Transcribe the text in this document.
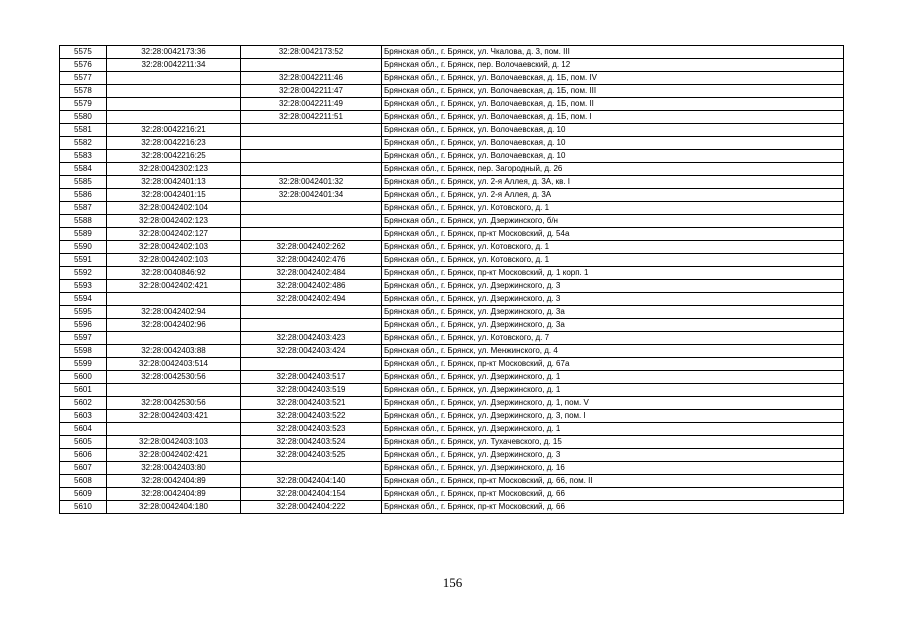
5575	32:28:0042173:36	32:28:0042173:52	Брянская обл., г. Брянск, ул. Чкалова, д. 3, пом. III
5576	32:28:0042211:34		Брянская обл., г. Брянск, пер. Волочаевский, д. 12
5577		32:28:0042211:46	Брянская обл., г. Брянск, ул. Волочаевская, д. 1Б, пом. IV
5578		32:28:0042211:47	Брянская обл., г. Брянск, ул. Волочаевская, д. 1Б, пом. III
5579		32:28:0042211:49	Брянская обл., г. Брянск, ул. Волочаевская, д. 1Б, пом. II
5580		32:28:0042211:51	Брянская обл., г. Брянск, ул. Волочаевская, д. 1Б, пом. I
5581	32:28:0042216:21		Брянская обл., г. Брянск, ул. Волочаевская, д. 10
5582	32:28:0042216:23		Брянская обл., г. Брянск, ул. Волочаевская, д. 10
5583	32:28:0042216:25		Брянская обл., г. Брянск, ул. Волочаевская, д. 10
5584	32:28:0042302:123		Брянская обл., г. Брянск, пер. Загородный, д. 26
5585	32:28:0042401:13	32:28:0042401:32	Брянская обл., г. Брянск, ул. 2-я Аллея, д. 3А, кв. I
5586	32:28:0042401:15	32:28:0042401:34	Брянская обл., г. Брянск, ул. 2-я Аллея, д. 3А
5587	32:28:0042402:104		Брянская обл., г. Брянск, ул. Котовского, д. 1
5588	32:28:0042402:123		Брянская обл., г. Брянск, ул. Дзержинского, б/н
5589	32:28:0042402:127		Брянская обл., г. Брянск, пр-кт Московский, д. 54а
5590	32:28:0042402:103	32:28:0042402:262	Брянская обл., г. Брянск, ул. Котовского, д. 1
5591	32:28:0042402:103	32:28:0042402:476	Брянская обл., г. Брянск, ул. Котовского, д. 1
5592	32:28:0040846:92	32:28:0042402:484	Брянская обл., г. Брянск, пр-кт Московский, д. 1 корп. 1
5593	32:28:0042402:421	32:28:0042402:486	Брянская обл., г. Брянск, ул. Дзержинского, д. 3
5594		32:28:0042402:494	Брянская обл., г. Брянск, ул. Дзержинского, д. 3
5595	32:28:0042402:94		Брянская обл., г. Брянск, ул. Дзержинского, д. 3а
5596	32:28:0042402:96		Брянская обл., г. Брянск, ул. Дзержинского, д. 3а
5597		32:28:0042403:423	Брянская обл., г. Брянск, ул. Котовского, д. 7
5598	32:28:0042403:88	32:28:0042403:424	Брянская обл., г. Брянск, ул. Менжинского, д. 4
5599	32:28:0042403:514		Брянская обл., г. Брянск, пр-кт Московский, д. 67а
5600	32:28:0042530:56	32:28:0042403:517	Брянская обл., г. Брянск, ул. Дзержинского, д. 1
5601		32:28:0042403:519	Брянская обл., г. Брянск, ул. Дзержинского, д. 1
5602	32:28:0042530:56	32:28:0042403:521	Брянская обл., г. Брянск, ул. Дзержинского, д. 1, пом. V
5603	32:28:0042403:421	32:28:0042403:522	Брянская обл., г. Брянск, ул. Дзержинского, д. 3, пом. I
5604		32:28:0042403:523	Брянская обл., г. Брянск, ул. Дзержинского, д. 1
5605	32:28:0042403:103	32:28:0042403:524	Брянская обл., г. Брянск, ул. Тухачевского, д. 15
5606	32:28:0042402:421	32:28:0042403:525	Брянская обл., г. Брянск, ул. Дзержинского, д. 3
5607	32:28:0042403:80		Брянская обл., г. Брянск, ул. Дзержинского, д. 16
5608	32:28:0042404:89	32:28:0042404:140	Брянская обл., г. Брянск, пр-кт Московский, д. 66, пом. II
5609	32:28:0042404:89	32:28:0042404:154	Брянская обл., г. Брянск, пр-кт Московский, д. 66
5610	32:28:0042404:180	32:28:0042404:222	Брянская обл., г. Брянск, пр-кт Московский, д. 66
156
